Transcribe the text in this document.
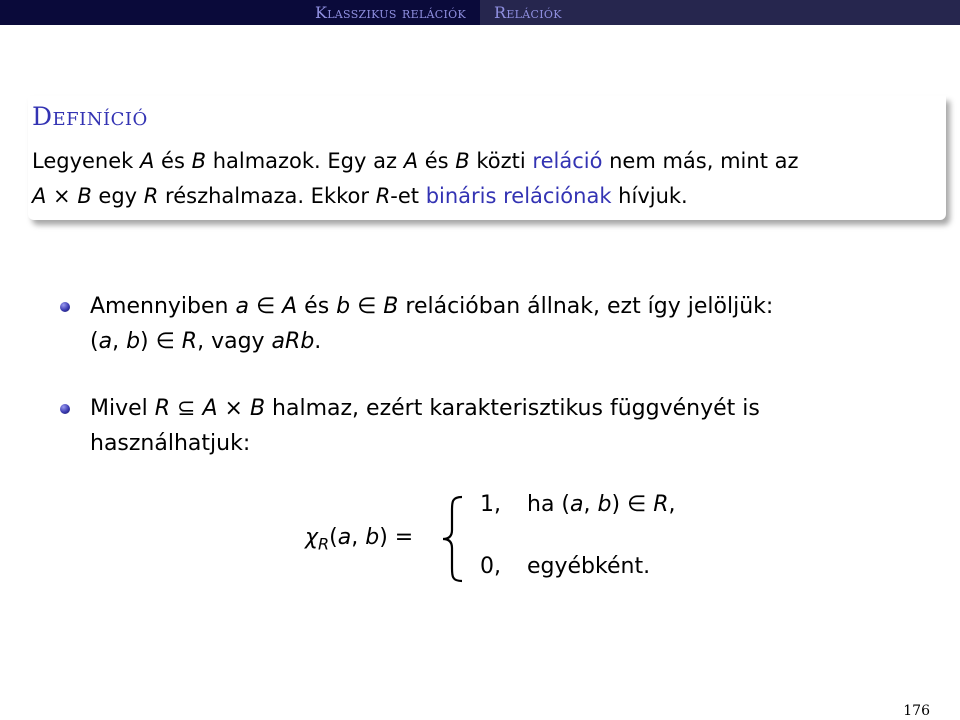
Klasszikus relációk Relációk
Definíció
Legyenek A és B halmazok. Egy az A és B közti reláció nem más, mint az
A × B egy R részhalmaza. Ekkor R-et bináris relációnak hívjuk.
Amennyiben a ∈ A és b ∈ B relációban állnak, ezt így jelöljük:
(a, b) ∈ R, vagy aRb.
Mivel R ⊆ A × B halmaz, ezért karakterisztikus függvényét is
használhatjuk:
$\chi_R(a$, b) =
1, ha (a, b) ∈ R,
0, egyébként.
176
